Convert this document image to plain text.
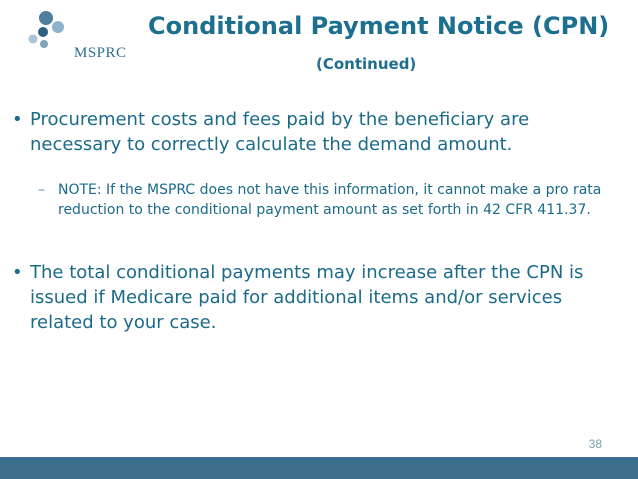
MSPRC
Conditional Payment Notice (CPN)
(Continued)
• Procurement costs and fees paid by the beneficiary are necessary to correctly calculate the demand amount.
– NOTE: If the MSPRC does not have this information, it cannot make a pro rata reduction to the conditional payment amount as set forth in 42 CFR 411.37.
• The total conditional payments may increase after the CPN is issued if Medicare paid for additional items and/or services related to your case.
38
